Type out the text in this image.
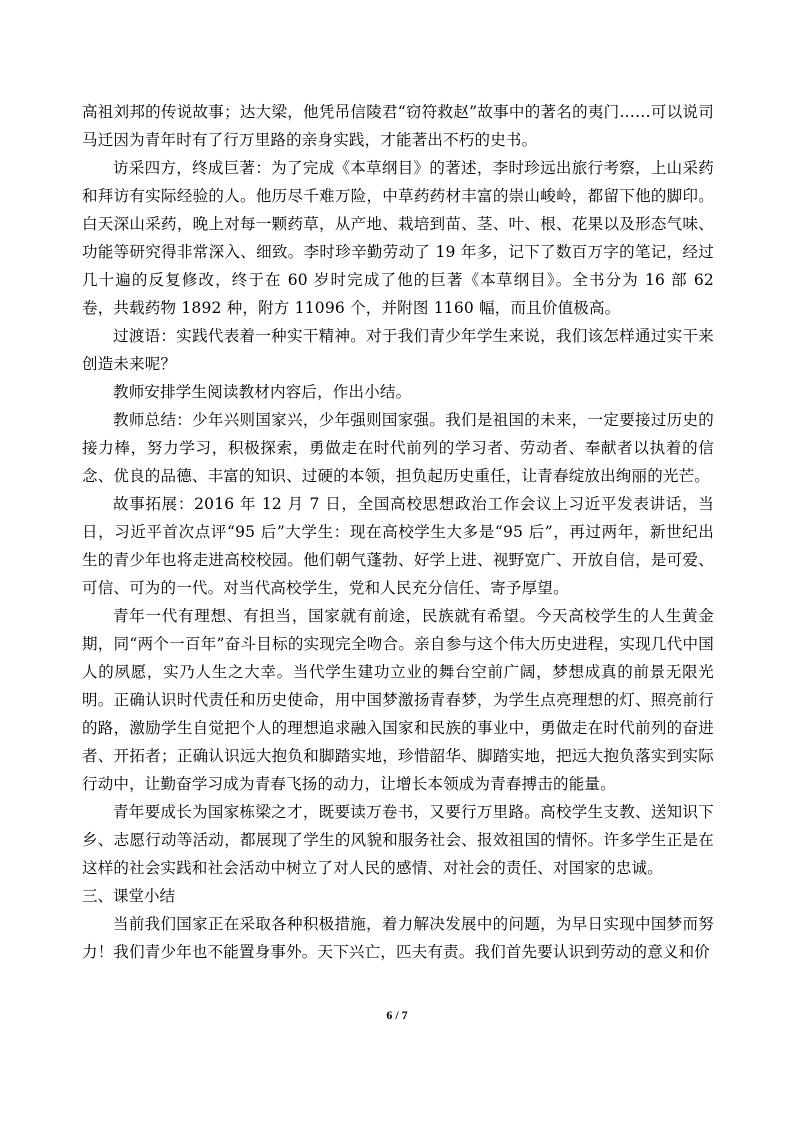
高祖刘邦的传说故事；达大梁，他凭吊信陵君“窃符救赵”故事中的著名的夷门……可以说司马迁因为青年时有了行万里路的亲身实践，才能著出不朽的史书。

访采四方，终成巨著：为了完成《本草纲目》的著述，李时珍远出旅行考察，上山采药和拜访有实际经验的人。他历尽千难万险，中草药药材丰富的崇山峻岭，都留下他的脚印。白天深山采药，晚上对每一颗药草，从产地、栽培到苗、茎、叶、根、花果以及形态气味、功能等研究得非常深入、细致。李时珍辛勤劳动了 19 年多，记下了数百万字的笔记，经过几十遍的反复修改，终于在 60 岁时完成了他的巨著《本草纲目》。全书分为 16 部 62 卷，共载药物 1892 种，附方 11096 个，并附图 1160 幅，而且价值极高。

过渡语：实践代表着一种实干精神。对于我们青少年学生来说，我们该怎样通过实干来创造未来呢？

教师安排学生阅读教材内容后，作出小结。

教师总结：少年兴则国家兴，少年强则国家强。我们是祖国的未来，一定要接过历史的接力棒，努力学习，积极探索，勇做走在时代前列的学习者、劳动者、奉献者以执着的信念、优良的品德、丰富的知识、过硬的本领，担负起历史重任，让青春绽放出绚丽的光芒。

故事拓展：2016 年 12 月 7 日，全国高校思想政治工作会议上习近平发表讲话，当日，习近平首次点评“95 后”大学生：现在高校学生大多是“95 后”，再过两年，新世纪出生的青少年也将走进高校校园。他们朝气蓬勃、好学上进、视野宽广、开放自信，是可爱、可信、可为的一代。对当代高校学生，党和人民充分信任、寄予厚望。

青年一代有理想、有担当，国家就有前途，民族就有希望。今天高校学生的人生黄金期，同“两个一百年”奋斗目标的实现完全吻合。亲自参与这个伟大历史进程，实现几代中国人的夙愿，实乃人生之大幸。当代学生建功立业的舞台空前广阔，梦想成真的前景无限光明。正确认识时代责任和历史使命，用中国梦激扬青春梦，为学生点亮理想的灯、照亮前行的路，激励学生自觉把个人的理想追求融入国家和民族的事业中，勇做走在时代前列的奋进者、开拓者；正确认识远大抱负和脚踏实地，珍惜韶华、脚踏实地，把远大抱负落实到实际行动中，让勤奋学习成为青春飞扬的动力，让增长本领成为青春搏击的能量。

青年要成长为国家栋梁之才，既要读万卷书，又要行万里路。高校学生支教、送知识下乡、志愿行动等活动，都展现了学生的风貌和服务社会、报效祖国的情怀。许多学生正是在这样的社会实践和社会活动中树立了对人民的感情、对社会的责任、对国家的忠诚。

三、课堂小结

当前我们国家正在采取各种积极措施，着力解决发展中的问题，为早日实现中国梦而努力！我们青少年也不能置身事外。天下兴亡，匹夫有责。我们首先要认识到劳动的意义和价

6 / 7
